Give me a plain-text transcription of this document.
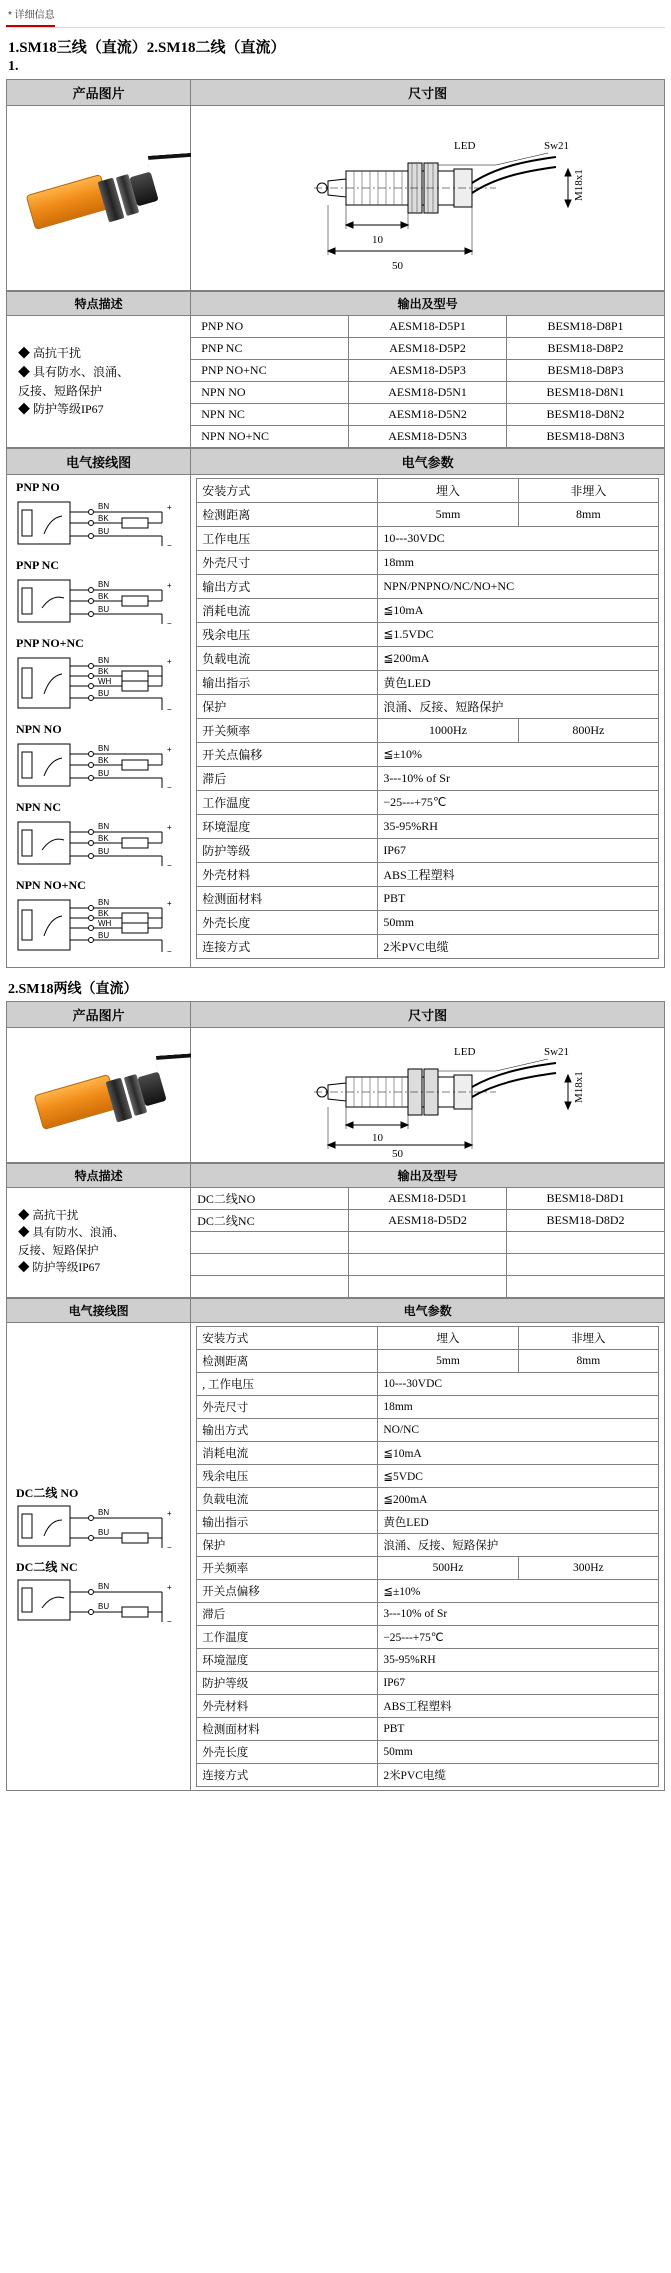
* 详细信息
1.SM18三线（直流）2.SM18二线（直流）
1.
产品图片	尺寸图

LED Sw21
10
50
M18x1
特点描述	输出及型号		

◆ 高抗干扰
◆ 具有防水、浪涌、
反接、短路保护
◆ 防护等级IP67	PNP NO	AESM18-D5P1	BESM18-D8P1
	PNP NC	AESM18-D5P2	BESM18-D8P2
	PNP NO+NC	AESM18-D5P3	BESM18-D8P3
	NPN NO	AESM18-D5N1	BESM18-D8N1
	NPN NC	AESM18-D5N2	BESM18-D8N2
	NPN NO+NC	AESM18-D5N3	BESM18-D8N3
电气接线图	电气参数

PNP NO
BN
BK
BU
+
−
PNP NC
BN
BK
BU
+
−
PNP NO+NC
BN
BK
WH
BU
+
−
NPN NO
BN
BK
BU
+
−
NPN NC
BN
BK
BU
+
−
NPN NO+NC
BN
BK
WH
BU
+
−

安装方式	埋入	非埋入
检测距离	5mm	8mm
工作电压	10---30VDC
外壳尺寸	18mm
输出方式	NPN/PNPNO/NC/NO+NC
消耗电流	≦10mA
残余电压	≦1.5VDC
负载电流	≦200mA
输出指示	黄色LED
保护	浪涌、反接、短路保护
开关频率	1000Hz	800Hz
开关点偏移	≦±10%
滞后	3---10% of Sr
工作温度	−25---+75℃
环境湿度	35-95%RH
防护等级	IP67
外壳材料	ABS工程塑料
检测面材料	PBT
外壳长度	50mm
连接方式	2米PVC电缆
2.SM18两线（直流）
产品图片	尺寸图

LED Sw21
10
50
M18x1
特点描述	输出及型号		

◆ 高抗干扰
◆ 具有防水、浪涌、
反接、短路保护
◆ 防护等级IP67	DC二线NO	AESM18-D5D1	BESM18-D8D1
	DC二线NC	AESM18-D5D2	BESM18-D8D2

电气接线图	电气参数

DC二线 NO
BN
BU
+
−
DC二线 NC
BN
BU
+
−

安装方式	埋入	非埋入
检测距离	5mm	8mm
, 工作电压	10---30VDC
外壳尺寸	18mm
输出方式	NO/NC
消耗电流	≦10mA
残余电压	≦5VDC
负载电流	≦200mA
输出指示	黄色LED
保护	浪涌、反接、短路保护
开关频率	500Hz	300Hz
开关点偏移	≦±10%
滞后	3---10% of Sr
工作温度	−25---+75℃
环境湿度	35-95%RH
防护等级	IP67
外壳材料	ABS工程塑料
检测面材料	PBT
外壳长度	50mm
连接方式	2米PVC电缆
